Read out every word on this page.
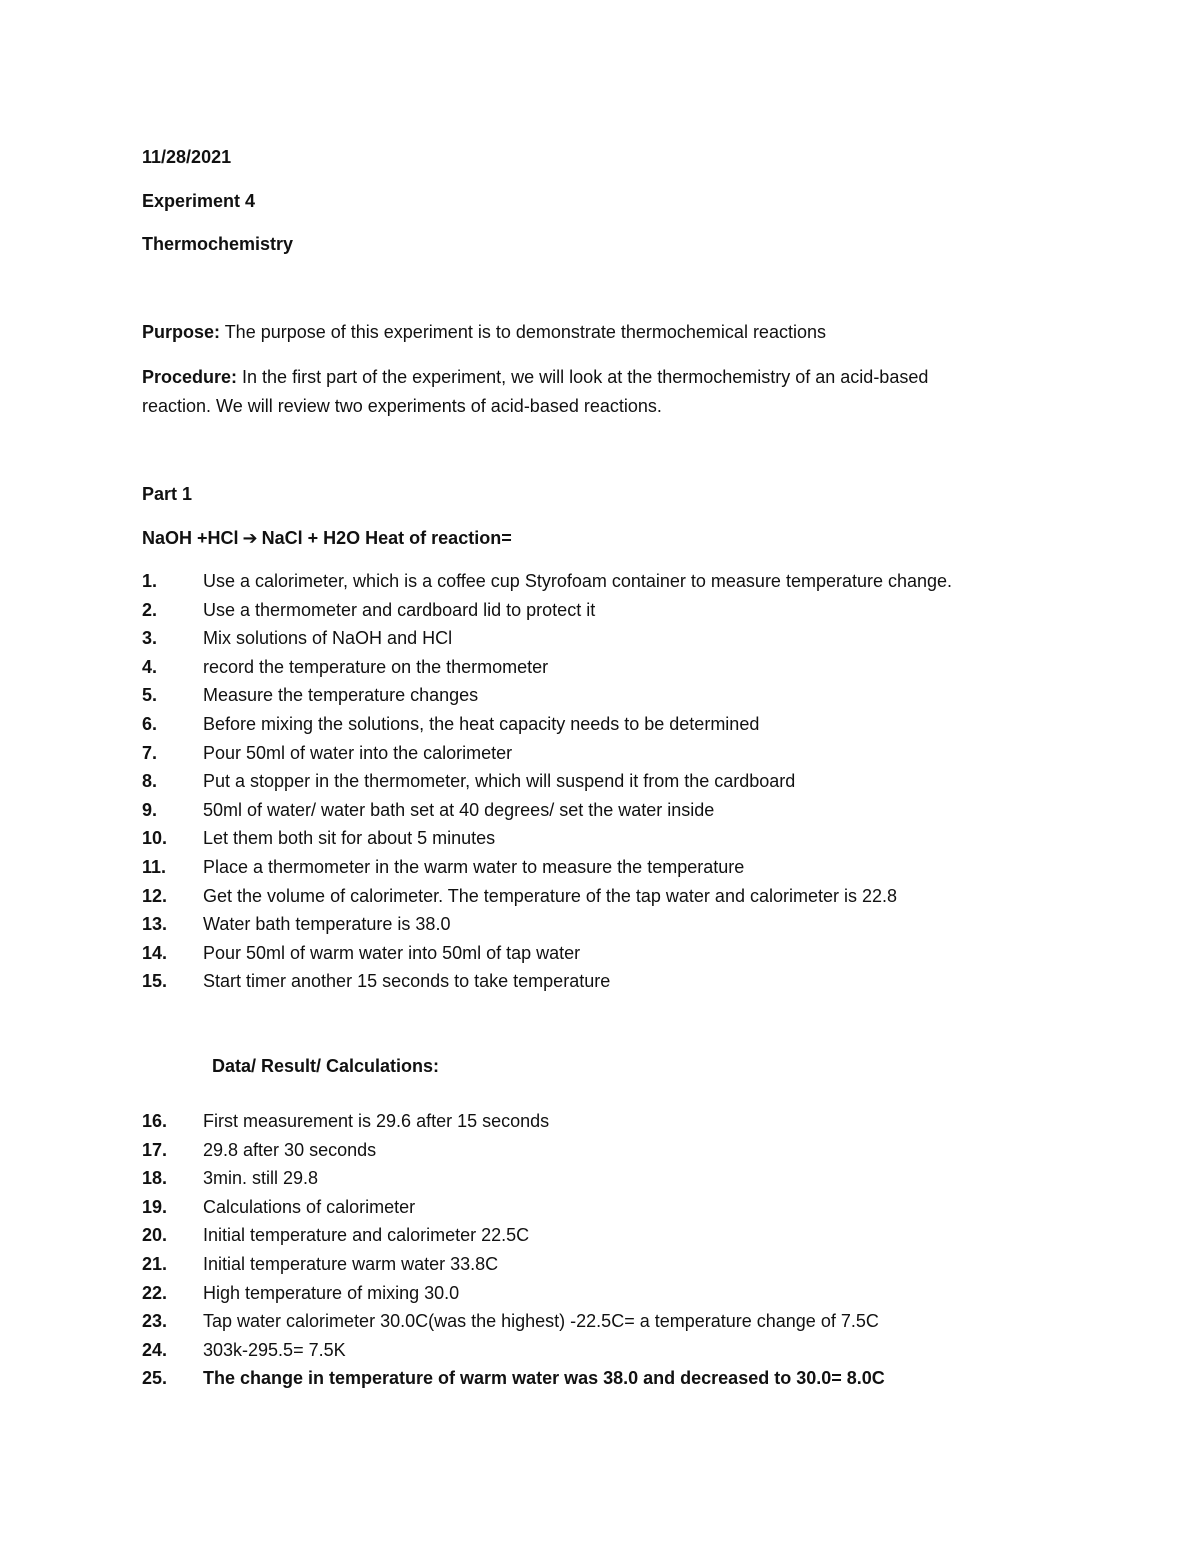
11/28/2021
Experiment 4
Thermochemistry
Purpose: The purpose of this experiment is to demonstrate thermochemical reactions
Procedure: In the first part of the experiment, we will look at the thermochemistry of an acid-based
reaction. We will review two experiments of acid-based reactions.
Part 1
NaOH +HCl ➔ NaCl + H2O Heat of reaction=
1.	Use a calorimeter, which is a coffee cup Styrofoam container to measure temperature change.
2.	Use a thermometer and cardboard lid to protect it
3.	Mix solutions of NaOH and HCl
4.	record the temperature on the thermometer
5.	Measure the temperature changes
6.	Before mixing the solutions, the heat capacity needs to be determined
7.	Pour 50ml of water into the calorimeter
8.	Put a stopper in the thermometer, which will suspend it from the cardboard
9.	50ml of water/ water bath set at 40 degrees/ set the water inside
10. Let them both sit for about 5 minutes
11. Place a thermometer in the warm water to measure the temperature
12. Get the volume of calorimeter. The temperature of the tap water and calorimeter is 22.8
13. Water bath temperature is 38.0
14. Pour 50ml of warm water into 50ml of tap water
15. Start timer another 15 seconds to take temperature
Data/ Result/ Calculations:
16. First measurement is 29.6 after 15 seconds
17. 29.8 after 30 seconds
18. 3min. still 29.8
19. Calculations of calorimeter
20. Initial temperature and calorimeter 22.5C
21. Initial temperature warm water 33.8C
22. High temperature of mixing 30.0
23. Tap water calorimeter 30.0C(was the highest) -22.5C= a temperature change of 7.5C
24. 303k-295.5= 7.5K
25. The change in temperature of warm water was 38.0 and decreased to 30.0= 8.0C
